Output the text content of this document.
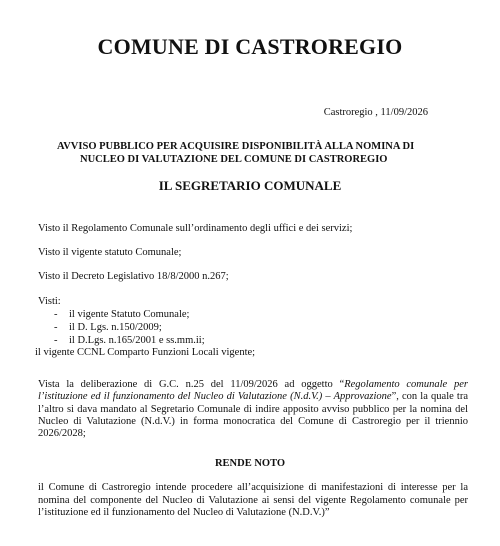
COMUNE DI CASTROREGIO
Castroregio , 11/09/2026
AVVISO PUBBLICO PER ACQUISIRE DISPONIBILITÀ ALLA NOMINA DI
NUCLEO DI VALUTAZIONE DEL COMUNE DI CASTROREGIO
IL SEGRETARIO COMUNALE
Visto il Regolamento Comunale sull’ordinamento degli uffici e dei servizi;
Visto il vigente statuto Comunale;
Visto il Decreto Legislativo 18/8/2000 n.267;
Visti:
- il vigente Statuto Comunale;
- il D. Lgs. n.150/2009;
- il D.Lgs. n.165/2001 e ss.mm.ii;
il vigente CCNL Comparto Funzioni Locali vigente;
Vista la deliberazione di G.C. n.25 del 11/09/2026 ad oggetto “Regolamento comunale per l’istituzione ed il funzionamento del Nucleo di Valutazione (N.d.V.) – Approvazione”, con la quale tra l’altro si dava mandato al Segretario Comunale di indire apposito avviso pubblico per la nomina del Nucleo di Valutazione (N.d.V.) in forma monocratica del Comune di Castroregio per il triennio 2026/2028;
RENDE NOTO
il Comune di Castroregio intende procedere all’acquisizione di manifestazioni di interesse per la nomina del componente del Nucleo di Valutazione ai sensi del vigente Regolamento comunale per l’istituzione ed il funzionamento del Nucleo di Valutazione (N.D.V.)”
